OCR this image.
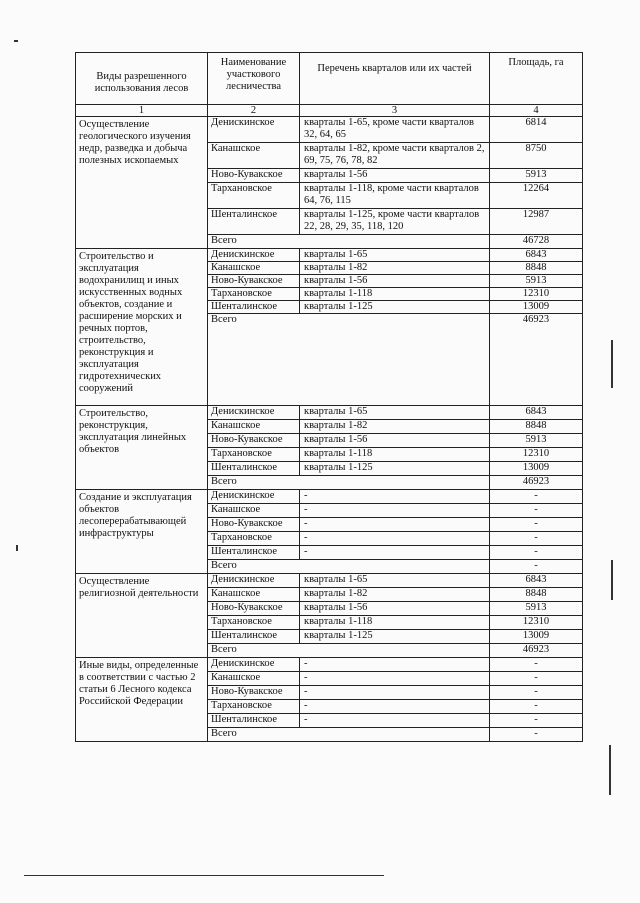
Виды разрешенного использования лесов	Наименование участкового лесничества	Перечень кварталов или их частей	Площадь, га
1	2	3	4
Осуществление геологического изучения недр, разведка и добыча полезных ископаемых	Денискинское	кварталы 1-65, кроме части кварталов 32, 64, 65	6814
	Канашское	кварталы 1-82, кроме части кварталов 2, 69, 75, 76, 78, 82	8750
	Ново-Кувакское	кварталы 1-56	5913
	Тархановское	кварталы 1-118, кроме части кварталов 64, 76, 115	12264
	Шенталинское	кварталы 1-125, кроме части кварталов 22, 28, 29, 35, 118, 120	12987
	Всего		46728
Строительство и эксплуатация водохранилищ и иных искусственных водных объектов, создание и расширение морских и речных портов, строительство, реконструкция и эксплуатация гидротехнических сооружений	Денискинское	кварталы 1-65	6843
	Канашское	кварталы 1-82	8848
	Ново-Кувакское	кварталы 1-56	5913
	Тархановское	кварталы 1-118	12310
	Шенталинское	кварталы 1-125	13009
	Всего		46923
Строительство, реконструкция, эксплуатация линейных объектов	Денискинское	кварталы 1-65	6843
	Канашское	кварталы 1-82	8848
	Ново-Кувакское	кварталы 1-56	5913
	Тархановское	кварталы 1-118	12310
	Шенталинское	кварталы 1-125	13009
	Всего		46923
Создание и эксплуатация объектов лесоперерабатывающей инфраструктуры	Денискинское	-	-
	Канашское	-	-
	Ново-Кувакское	-	-
	Тархановское	-	-
	Шенталинское	-	-
	Всего		-
Осуществление религиозной деятельности	Денискинское	кварталы 1-65	6843
	Канашское	кварталы 1-82	8848
	Ново-Кувакское	кварталы 1-56	5913
	Тархановское	кварталы 1-118	12310
	Шенталинское	кварталы 1-125	13009
	Всего		46923
Иные виды, определенные в соответствии с частью 2 статьи 6 Лесного кодекса Российской Федерации	Денискинское	-	-
	Канашское	-	-
	Ново-Кувакское	-	-
	Тархановское	-	-
	Шенталинское	-	-
	Всего		-
